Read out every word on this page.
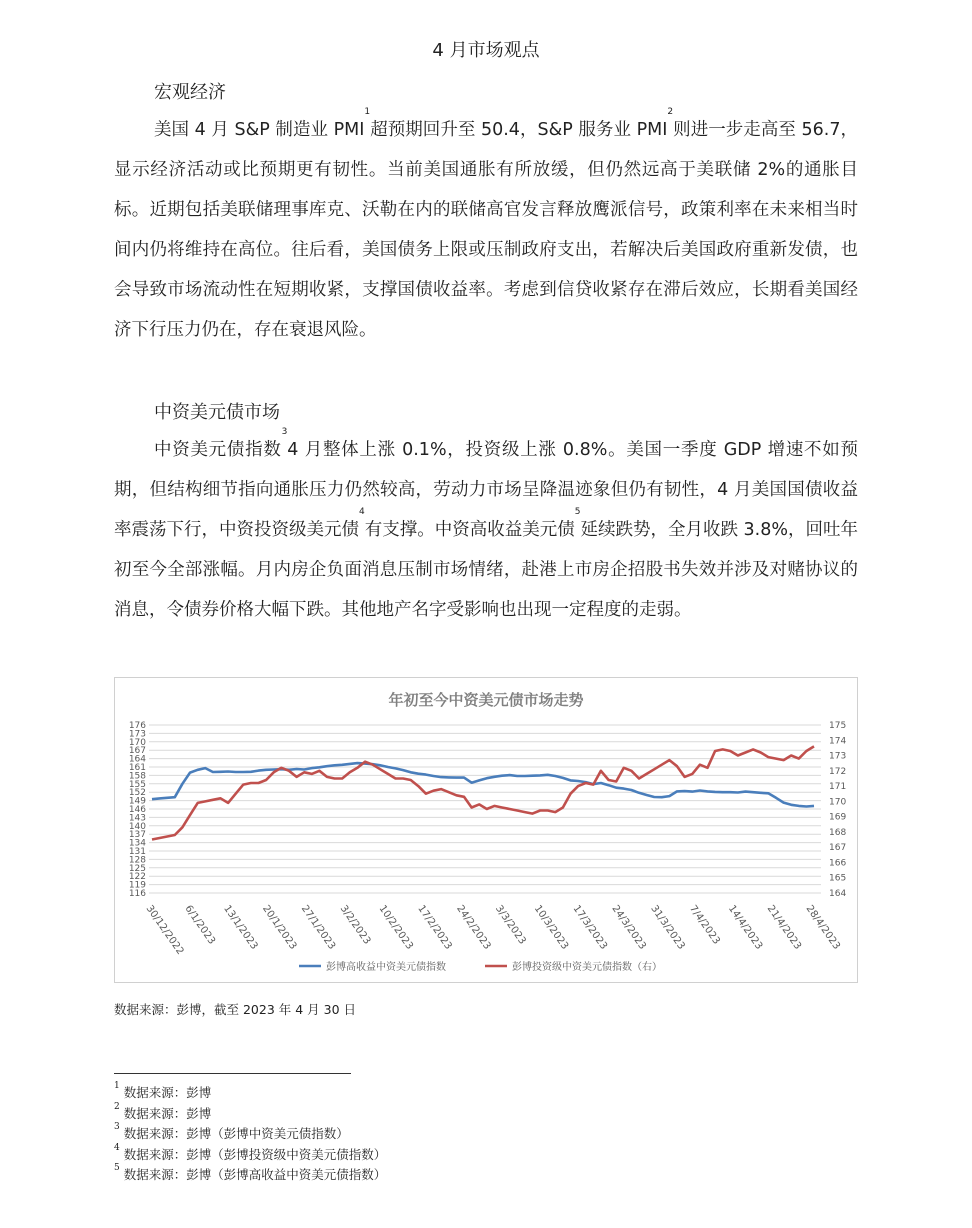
4 月市场观点
宏观经济

美国 4 月 S&P 制造业 PMI$^1$超预期回升至 50.4，S&P 服务业 PMI$^2$则进一步走高至 56.7，显示经济活动或比预期更有韧性。当前美国通胀有所放缓，但仍然远高于美联储 2%的通胀目标。近期包括美联储理事库克、沃勒在内的联储高官发言释放鹰派信号，政策利率在未来相当时间内仍将维持在高位。往后看，美国债务上限或压制政府支出，若解决后美国政府重新发债，也会导致市场流动性在短期收紧，支撑国债收益率。考虑到信贷收紧存在滞后效应，长期看美国经济下行压力仍在，存在衰退风险。

中资美元债市场

中资美元债指数$^3$4 月整体上涨 0.1%，投资级上涨 0.8%。美国一季度 GDP 增速不如预期，但结构细节指向通胀压力仍然较高，劳动力市场呈降温迹象但仍有韧性，4 月美国国债收益率震荡下行，中资投资级美元债$^4$有支撑。中资高收益美元债$^5$延续跌势，全月收跌 3.8%，回吐年初至今全部涨幅。月内房企负面消息压制市场情绪，赴港上市房企招股书失效并涉及对赌协议的消息，令债券价格大幅下跌。其他地产名字受影响也出现一定程度的走弱。

年初至今中资美元债市场走势
116
119
122
125
128
131
134
137
140
143
146
149
152
155
158
161
164
167
170
173
176
164
165
166
167
168
169
170
171
172
173
174
175
30/12/2022
6/1/2023 13/1/2023 20/1/2023 27/1/2023 3/2/2023 10/2/2023 17/2/2023 24/2/2023 3/3/2023 10/3/2023 17/3/2023 24/3/2023 31/3/2023 7/4/2023 14/4/2023 21/4/2023 28/4/2023
彭博高收益中资美元债指数	彭博投资级中资美元债指数（右）
数据来源：彭博，截至 2023 年 4 月 30 日
$^1$ 数据来源：彭博
$^2$ 数据来源：彭博
$^3$ 数据来源：彭博（彭博中资美元债指数）
$^4$ 数据来源：彭博（彭博投资级中资美元债指数）
$^5$ 数据来源：彭博（彭博高收益中资美元债指数）
